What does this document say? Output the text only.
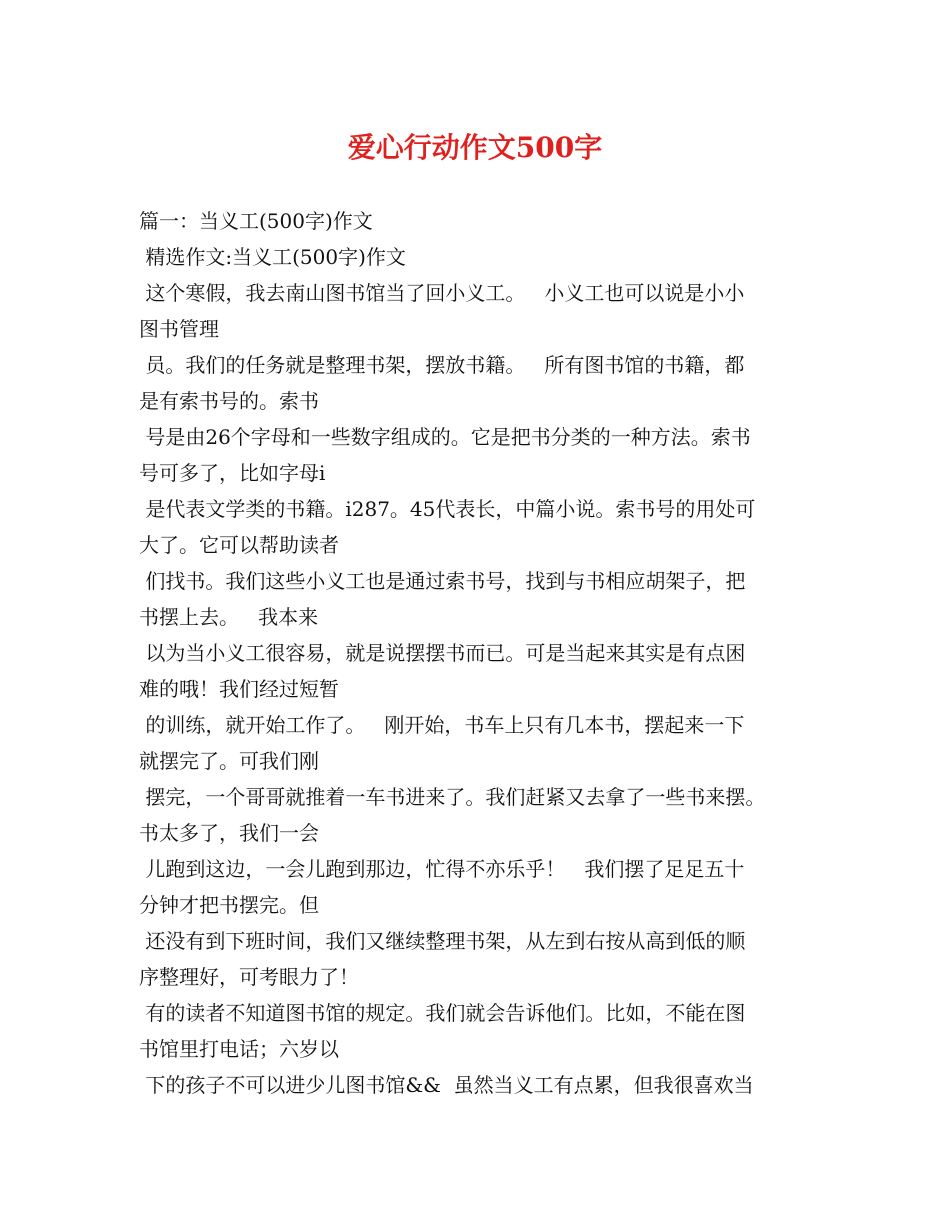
爱心行动作文500字
篇一：当义工(500字)作文
精选作文:当义工(500字)作文
这个寒假，我去南山图书馆当了回小义工。   小义工也可以说是小小
图书管理
员。我们的任务就是整理书架，摆放书籍。   所有图书馆的书籍，都
是有索书号的。索书
号是由26个字母和一些数字组成的。它是把书分类的一种方法。索书
号可多了，比如字母i
是代表文学类的书籍。i287。45代表长，中篇小说。索书号的用处可
大了。它可以帮助读者
们找书。我们这些小义工也是通过索书号，找到与书相应胡架子，把
书摆上去。   我本来
以为当小义工很容易，就是说摆摆书而已。可是当起来其实是有点困
难的哦！我们经过短暂
的训练，就开始工作了。   刚开始，书车上只有几本书，摆起来一下
就摆完了。可我们刚
摆完，一个哥哥就推着一车书进来了。我们赶紧又去拿了一些书来摆。
书太多了，我们一会
儿跑到这边，一会儿跑到那边，忙得不亦乐乎！   我们摆了足足五十
分钟才把书摆完。但
还没有到下班时间，我们又继续整理书架，从左到右按从高到低的顺
序整理好，可考眼力了！
有的读者不知道图书馆的规定。我们就会告诉他们。比如，不能在图
书馆里打电话；六岁以
下的孩子不可以进少儿图书馆&&  虽然当义工有点累，但我很喜欢当
